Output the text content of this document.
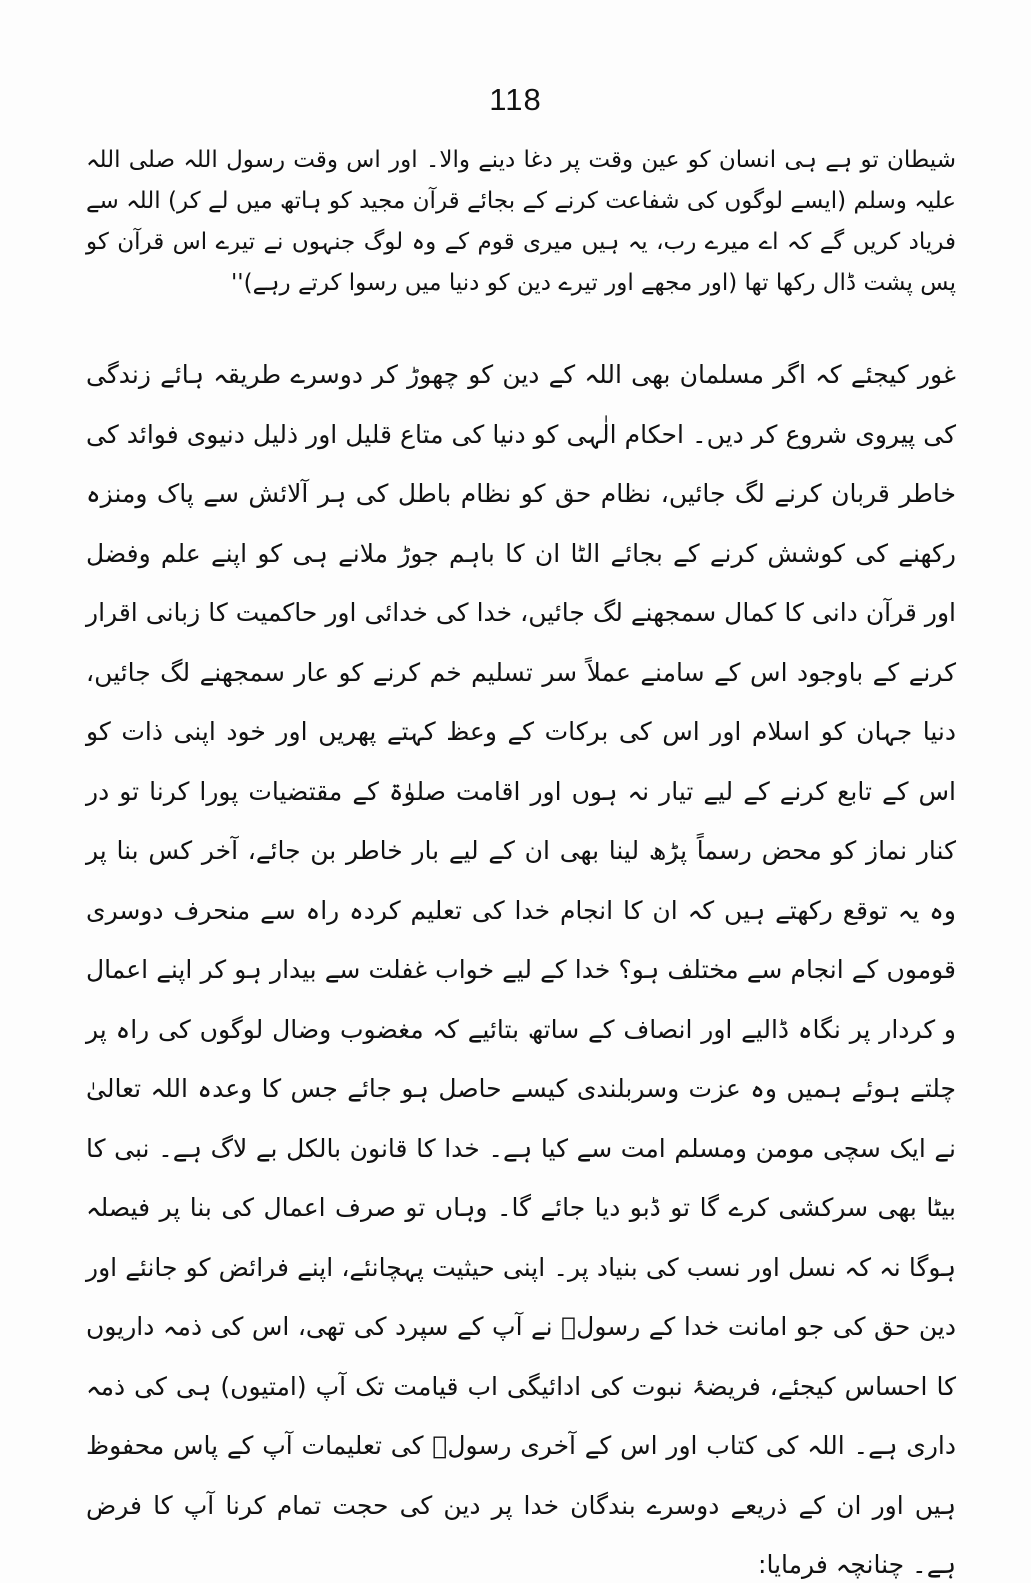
118

شیطان تو ہے ہی انسان کو عین وقت پر دغا دینے والا۔ اور اس وقت رسول اللہ صلی اللہ علیہ وسلم (ایسے لوگوں کی شفاعت کرنے کے بجائے قرآن مجید کو ہاتھ میں لے کر) اللہ سے فریاد کریں گے کہ اے میرے رب، یہ ہیں میری قوم کے وہ لوگ جنہوں نے تیرے اس قرآن کو پس پشت ڈال رکھا تھا (اور مجھے اور تیرے دین کو دنیا میں رسوا کرتے رہے)''

غور کیجئے کہ اگر مسلمان بھی اللہ کے دین کو چھوڑ کر دوسرے طریقہ ہائے زندگی کی پیروی شروع کر دیں۔ احکام الٰہی کو دنیا کی متاع قلیل اور ذلیل دنیوی فوائد کی خاطر قربان کرنے لگ جائیں، نظام حق کو نظام باطل کی ہر آلائش سے پاک ومنزہ رکھنے کی کوشش کرنے کے بجائے الٹا ان کا باہم جوڑ ملانے ہی کو اپنے علم وفضل اور قرآن دانی کا کمال سمجھنے لگ جائیں، خدا کی خدائی اور حاکمیت کا زبانی اقرار کرنے کے باوجود اس کے سامنے عملاً سر تسلیم خم کرنے کو عار سمجھنے لگ جائیں، دنیا جہان کو اسلام اور اس کی برکات کے وعظ کہتے پھریں اور خود اپنی ذات کو اس کے تابع کرنے کے لیے تیار نہ ہوں اور اقامت صلوٰۃ کے مقتضیات پورا کرنا تو در کنار نماز کو محض رسماً پڑھ لینا بھی ان کے لیے بار خاطر بن جائے، آخر کس بنا پر وہ یہ توقع رکھتے ہیں کہ ان کا انجام خدا کی تعلیم کردہ راہ سے منحرف دوسری قوموں کے انجام سے مختلف ہو؟ خدا کے لیے خواب غفلت سے بیدار ہو کر اپنے اعمال و کردار پر نگاہ ڈالیے اور انصاف کے ساتھ بتائیے کہ مغضوب وضال لوگوں کی راہ پر چلتے ہوئے ہمیں وہ عزت وسربلندی کیسے حاصل ہو جائے جس کا وعدہ اللہ تعالیٰ نے ایک سچی مومن ومسلم امت سے کیا ہے۔ خدا کا قانون بالکل بے لاگ ہے۔ نبی کا بیٹا بھی سرکشی کرے گا تو ڈبو دیا جائے گا۔ وہاں تو صرف اعمال کی بنا پر فیصلہ ہوگا نہ کہ نسل اور نسب کی بنیاد پر۔ اپنی حیثیت پہچانئے، اپنے فرائض کو جانئے اور دین حق کی جو امانت خدا کے رسولؐ نے آپ کے سپرد کی تھی، اس کی ذمہ داریوں کا احساس کیجئے، فریضۂ نبوت کی ادائیگی اب قیامت تک آپ (امتیوں) ہی کی ذمہ داری ہے۔ اللہ کی کتاب اور اس کے آخری رسولؐ کی تعلیمات آپ کے پاس محفوظ ہیں اور ان کے ذریعے دوسرے بندگان خدا پر دین کی حجت تمام کرنا آپ کا فرض ہے۔ چنانچہ فرمایا:
